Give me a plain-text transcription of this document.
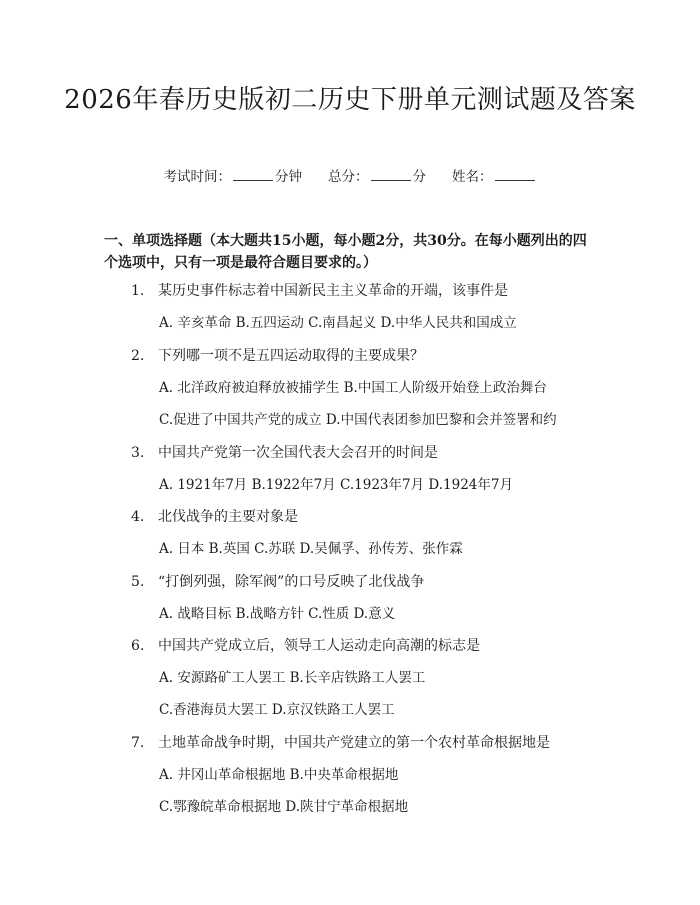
2026年春历史版初二历史下册单元测试题及答案
考试时间：	分钟 总分：	分 姓名：
一、单项选择题（本大题共15小题，每小题2分，共30分。在每小题列出的四个选项中，只有一项是最符合题目要求的。）
1. 某历史事件标志着中国新民主主义革命的开端，该事件是
A. 辛亥革命 B.五四运动 C.南昌起义 D.中华人民共和国成立
2. 下列哪一项不是五四运动取得的主要成果？
A. 北洋政府被迫释放被捕学生 B.中国工人阶级开始登上政治舞台
C.促进了中国共产党的成立 D.中国代表团参加巴黎和会并签署和约
3. 中国共产党第一次全国代表大会召开的时间是
A. 1921年7月 B.1922年7月 C.1923年7月 D.1924年7月
4. 北伐战争的主要对象是
A. 日本 B.英国 C.苏联 D.吴佩孚、孙传芳、张作霖
5. “打倒列强，除军阀”的口号反映了北伐战争
A. 战略目标 B.战略方针 C.性质 D.意义
6. 中国共产党成立后，领导工人运动走向高潮的标志是
A. 安源路矿工人罢工 B.长辛店铁路工人罢工
C.香港海员大罢工 D.京汉铁路工人罢工
7. 土地革命战争时期，中国共产党建立的第一个农村革命根据地是
A. 井冈山革命根据地 B.中央革命根据地
C.鄂豫皖革命根据地 D.陕甘宁革命根据地
